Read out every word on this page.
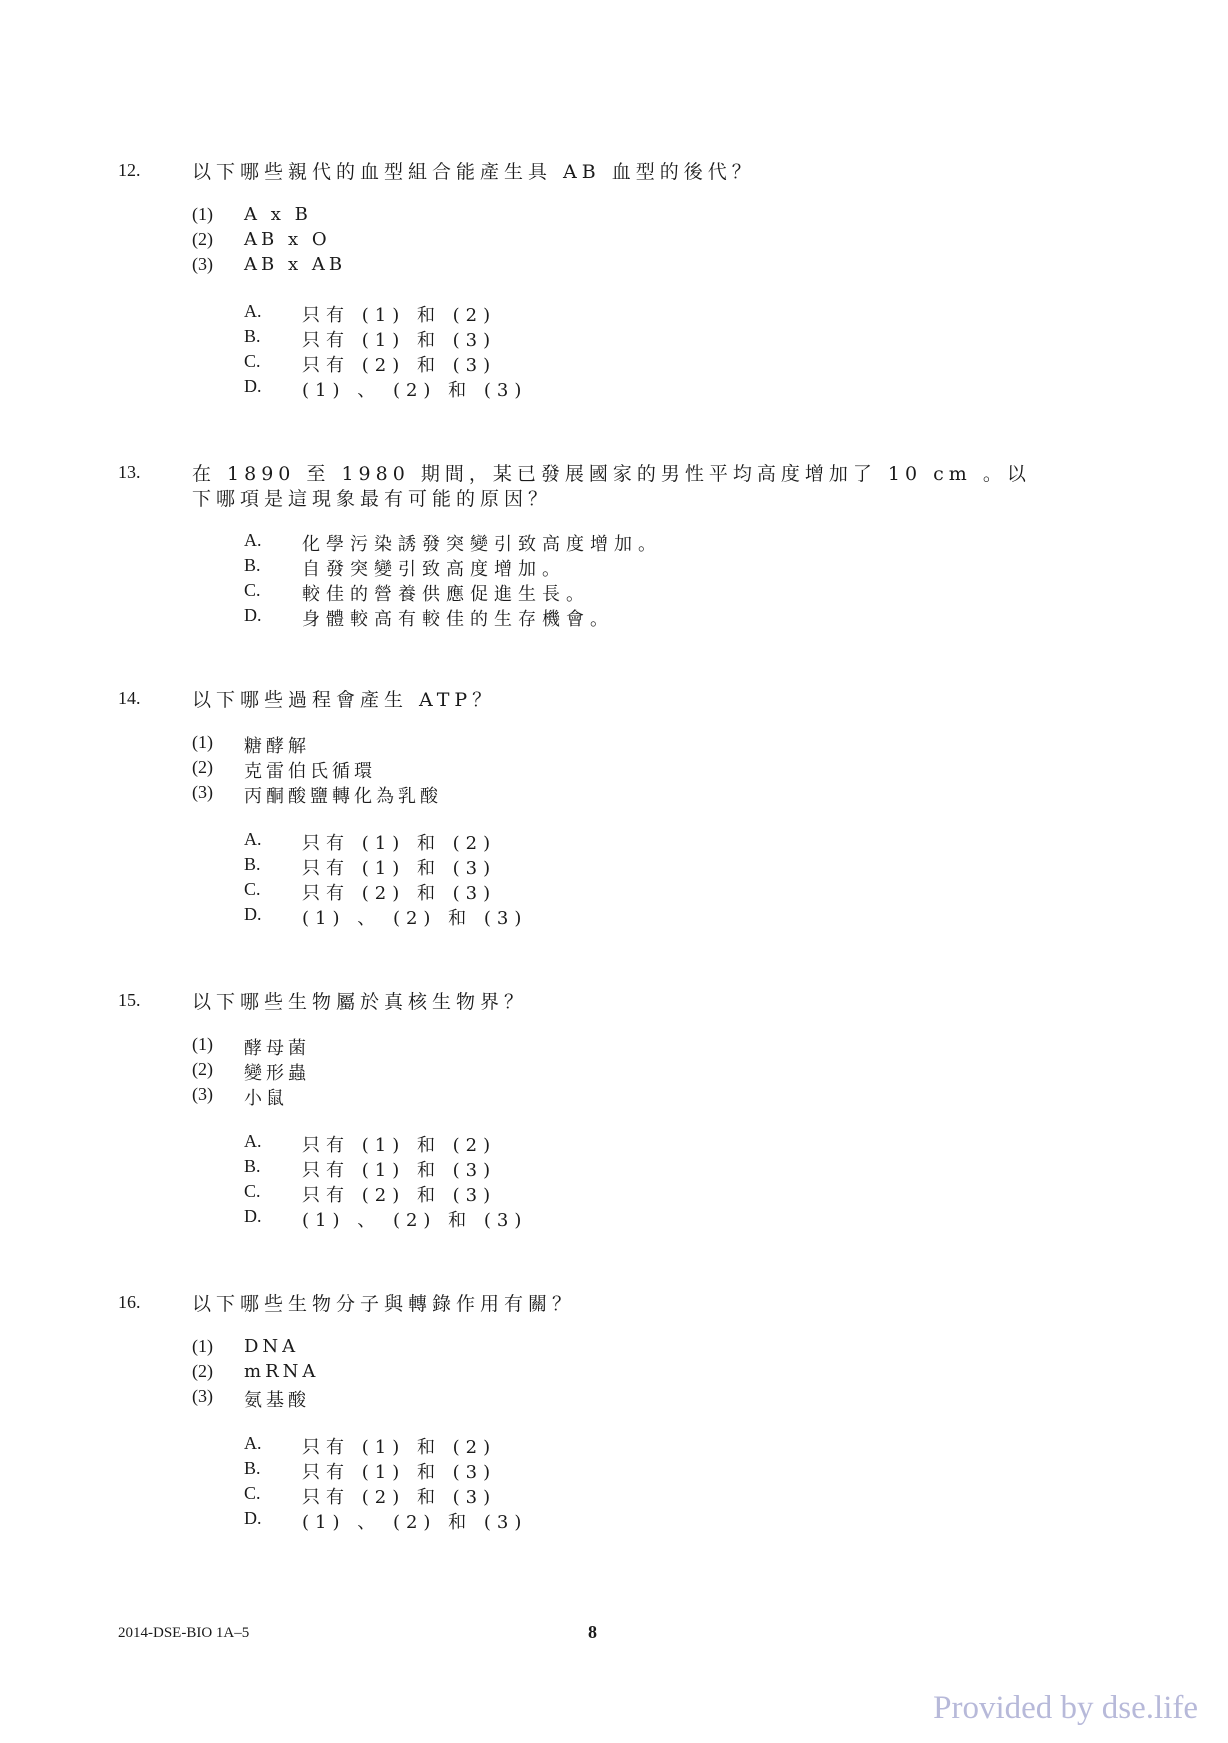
12.	以下哪些親代的血型組合能產生具 AB 血型的後代？
(1) A x B
(2) AB x O
(3) AB x AB
A. 只有 (1) 和 (2)
B. 只有 (1) 和 (3)
C. 只有 (2) 和 (3)
D. (1) 、 (2) 和 (3)
13.	在 1890 至 1980 期間，某已發展國家的男性平均高度增加了 10 cm 。以
下哪項是這現象最有可能的原因？
A. 化學污染誘發突變引致高度增加。
B. 自發突變引致高度增加。
C. 較佳的營養供應促進生長。
D. 身體較高有較佳的生存機會。
14.	以下哪些過程會產生 ATP？
(1) 糖酵解
(2) 克雷伯氏循環
(3) 丙酮酸鹽轉化為乳酸
A. 只有 (1) 和 (2)
B. 只有 (1) 和 (3)
C. 只有 (2) 和 (3)
D. (1) 、 (2) 和 (3)
15.	以下哪些生物屬於真核生物界？
(1) 酵母菌
(2) 變形蟲
(3) 小鼠
A. 只有 (1) 和 (2)
B. 只有 (1) 和 (3)
C. 只有 (2) 和 (3)
D. (1) 、 (2) 和 (3)
16.	以下哪些生物分子與轉錄作用有關？
(1) DNA
(2) mRNA
(3) 氨基酸
A. 只有 (1) 和 (2)
B. 只有 (1) 和 (3)
C. 只有 (2) 和 (3)
D. (1) 、 (2) 和 (3)
2014-DSE-BIO 1A–5	8
Provided by dse.life
